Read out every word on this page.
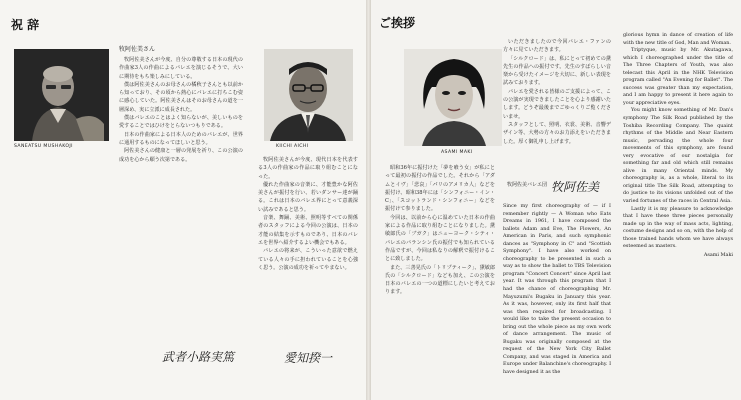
祝 辞
SANEATSU MUSHAKOJI
牧阿佐美さん

牧阿佐美さんが今度、自分の尊敬する日本の現代の作曲家3人の作曲によるバレエを演じるそうで、大いに期待をもち楽しみにしている。

僕は阿佐美さんのお母さんの橘秋子さんとも以前から知っており、その頃から熱心にバレエに打ちこむ姿に感心していた。阿佐美さんはそのお母さんの道を一層深め、実に立派に成長された。

僕はバレエのことはよく知らないが、美しいものを愛することではひけをとらないつもりである。

日本の作曲家による日本人のためのバレエが、世界に通用するものになってほしいと思う。

阿佐美さんの健康と一層の発展を祈り、この公演の成功を心から願う次第である。

武者小路実篤
KIICHI AICHI

牧阿佐美さんが今度、現代日本を代表する3人の作曲家の作品に取り組むことになった。

優れた作曲家の音楽に、才能豊かな阿佐美さんが振付を行い、若いダンサー達が踊る。これは日本のバレエ界にとって意義深い試みであると思う。

音楽、舞踊、美術、照明等すべての関係者のスタッフによる今回の公演は、日本の才能の結集を示すものであり、日本のバレエを世界へ紹介するよい機会でもある。

バレエの将来が、こういった意欲で燃えている人々の手に担われていることを心強く思う。公演の成功を祈ってやまない。

愛知揆一
ご挨拶
ASAMI MAKI

昭和36年に振付けた「夢を喰う女」が私にとって最初の振付の作品でした。それから「アダムとイヴ」「悲哀」「パリのアメリカ人」などを振付け、昭和38年には「シンフォニー・イン・C」、「スコットランド・シンフォニー」などを振付けて参りました。

今回は、以前から心に温めていた日本の作曲家による作品に取り組むことになりました。黛敏郎氏の「ブガク」はニューヨーク・シティ・バレエのバランシン氏の振付でも知られている作品ですが、今回は私なりの解釈で振付けることに致しました。

また、三善晃氏の「トリプティーク」、黛敏郎氏の「シルクロード」なども加え、この公演を日本のバレエの一つの道標にしたいと考えております。

いただきましたので今回バレエ・ファンの方々に見ていただきます。

「シルクロード」は、私にとって初めての黛先生の作品への振付です。先生のすばらしい音楽から受けたイメージを大切に、新しい表現を試みております。

バレエを愛される皆様のご支援によって、この公演が実現できましたことを心より感謝いたします。どうぞ最後までごゆっくりご覧くださいませ。

スタッフとして、照明、衣裳、美術、音響デザイン等、大勢の方々のお力添えをいただきました。厚く御礼申し上げます。

牧阿佐美バレエ団 牧阿佐美

Since my first choreography of — if I remember rightly — A Woman who Eats Dreams in 1961, I have composed the ballets Adam and Eve, The Flowers, An American in Paris, and such symphonic dances as "Symphony in C" and "Scottish Symphony". I have also worked on choreography to be presented in such a way as to show the ballet to TBS Television program "Concert Concert" since April last year. It was through this program that I had the chance of choreographing Mr. Mayuzumi's Bugaku in January this year. As it was, however, only its first half that was then required for broadcasting. I would like to take the present occasion to bring out the whole piece as my own work of dance arrangement. The music of Bugaku was originally composed at the request of the New York City Ballet Company, and was staged in America and Europe under Balanchine's choreography. I have designed it as the

glorious hymn in dance of creation of life with the new title of God, Man and Woman.

Triptyque, music by Mr. Akutagawa, which I choreographed under the title of The Three Chapters of Youth, was also telecast this April in the NHK Television program called "An Evening for Ballet". The success was greater than my expectation, and I am happy to present it here again to your appreciative eyes.

You might know something of Mr. Dan's symphony The Silk Road published by the Toshiba Recording Company. The quaint rhythms of the Middle and Near Eastern music, pervading the whole four movements of this symphony, are found very evocative of our nostalgia for something far and old which still remains alive in many Oriental minds. My choreography is, as a whole, literal to its original title The Silk Road, attempting to do justice to its visions unfolded out of the varied fortunes of the races in Central Asia.

Lastly it is my pleasure to acknowledge that I have these three pieces personally made up in the way of mass acts, lighting, costume designs and so on, with the help of those trained hands whom we have always esteemed as masters.

Asami Maki
